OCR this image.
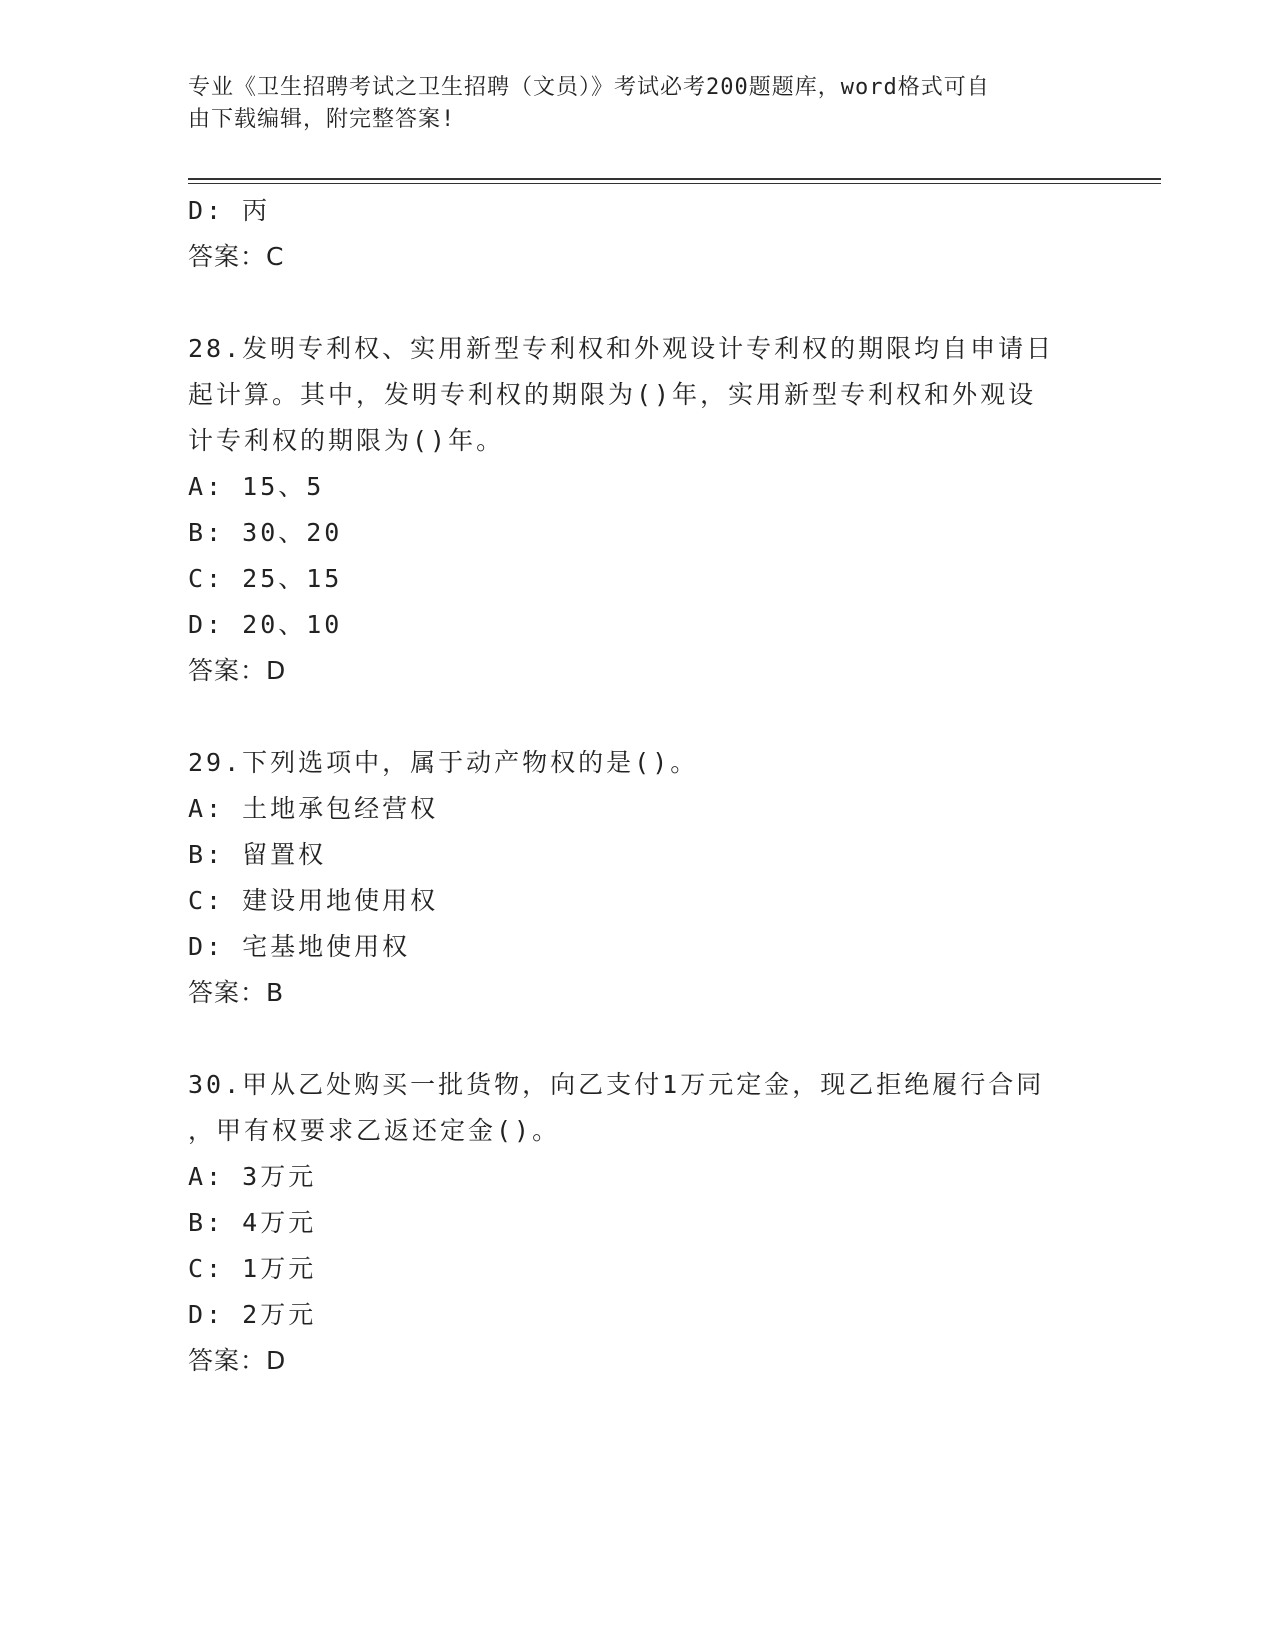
专业《卫生招聘考试之卫生招聘（文员）》考试必考200题题库，word格式可自
由下载编辑，附完整答案!
D: 丙
答案：C
28.发明专利权、实用新型专利权和外观设计专利权的期限均自申请日
起计算。其中，发明专利权的期限为()年，实用新型专利权和外观设
计专利权的期限为()年。
A: 15、5
B: 30、20
C: 25、15
D: 20、10
答案：D
29.下列选项中，属于动产物权的是()。
A: 土地承包经营权
B: 留置权
C: 建设用地使用权
D: 宅基地使用权
答案：B
30.甲从乙处购买一批货物，向乙支付1万元定金，现乙拒绝履行合同
，甲有权要求乙返还定金()。
A: 3万元
B: 4万元
C: 1万元
D: 2万元
答案：D
